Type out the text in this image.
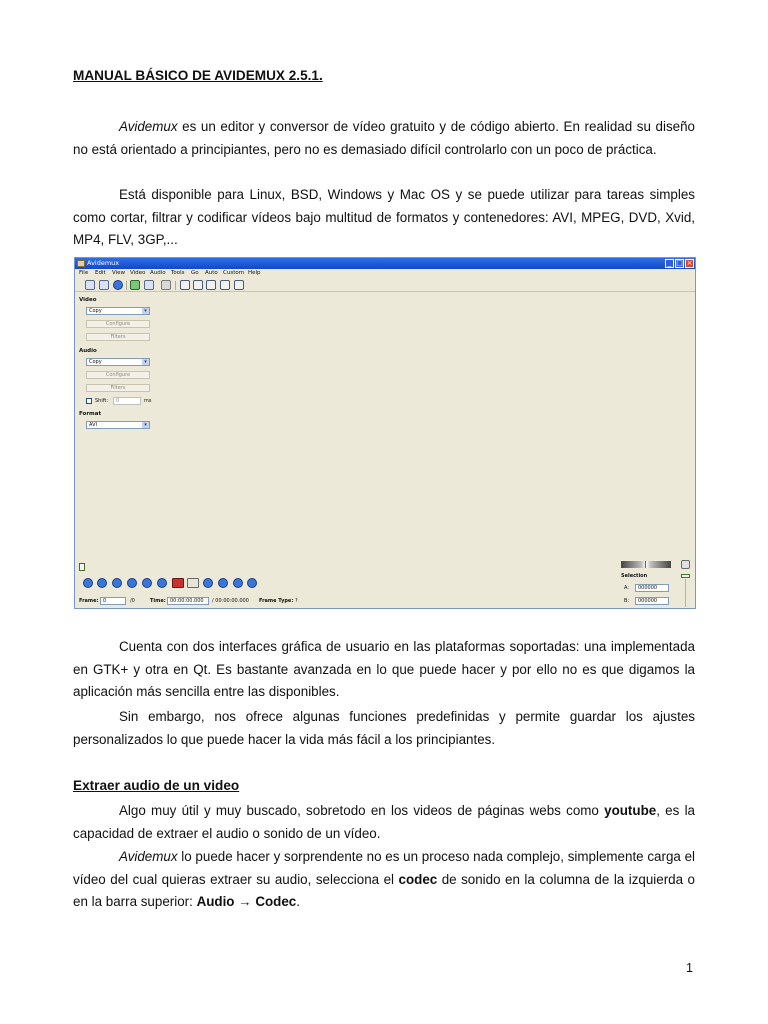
MANUAL BÁSICO DE AVIDEMUX 2.5.1.
Avidemux es un editor y conversor de vídeo gratuito y de código abierto. En realidad su diseño no está orientado a principiantes, pero no es demasiado difícil controlarlo con un poco de práctica.
Está disponible para Linux, BSD, Windows y Mac OS y se puede utilizar para tareas simples como cortar, filtrar y codificar vídeos bajo multitud de formatos y contenedores: AVI, MPEG, DVD, Xvid, MP4, FLV, 3GP,...
Avidemux	_ □ ×
File Edit View Video Audio Tools Go Auto Custom Help
Video
Copy	▾
Configure
Filters
Audio
Copy	▾
Configure
Filters
Shift:	0	ms
Format
AVI	▾
Frame: 0	/0	Time: 00:00:00.000	/ 00:00:00.000 Frame Type: ?
Selection
A:	000000
B:	000000
Cuenta con dos interfaces gráfica de usuario en las plataformas soportadas: una implementada en GTK+ y otra en Qt. Es bastante avanzada en lo que puede hacer y por ello no es que digamos la aplicación más sencilla entre las disponibles.
Sin embargo, nos ofrece algunas funciones predefinidas y permite guardar los ajustes personalizados lo que puede hacer la vida más fácil a los principiantes.
Extraer audio de un video
Algo muy útil y muy buscado, sobretodo en los videos de páginas webs como youtube, es la capacidad de extraer el audio o sonido de un vídeo.
Avidemux lo puede hacer y sorprendente no es un proceso nada complejo, simplemente carga el vídeo del cual quieras extraer su audio, selecciona el codec de sonido en la columna de la izquierda o en la barra superior: Audio → Codec.
1
